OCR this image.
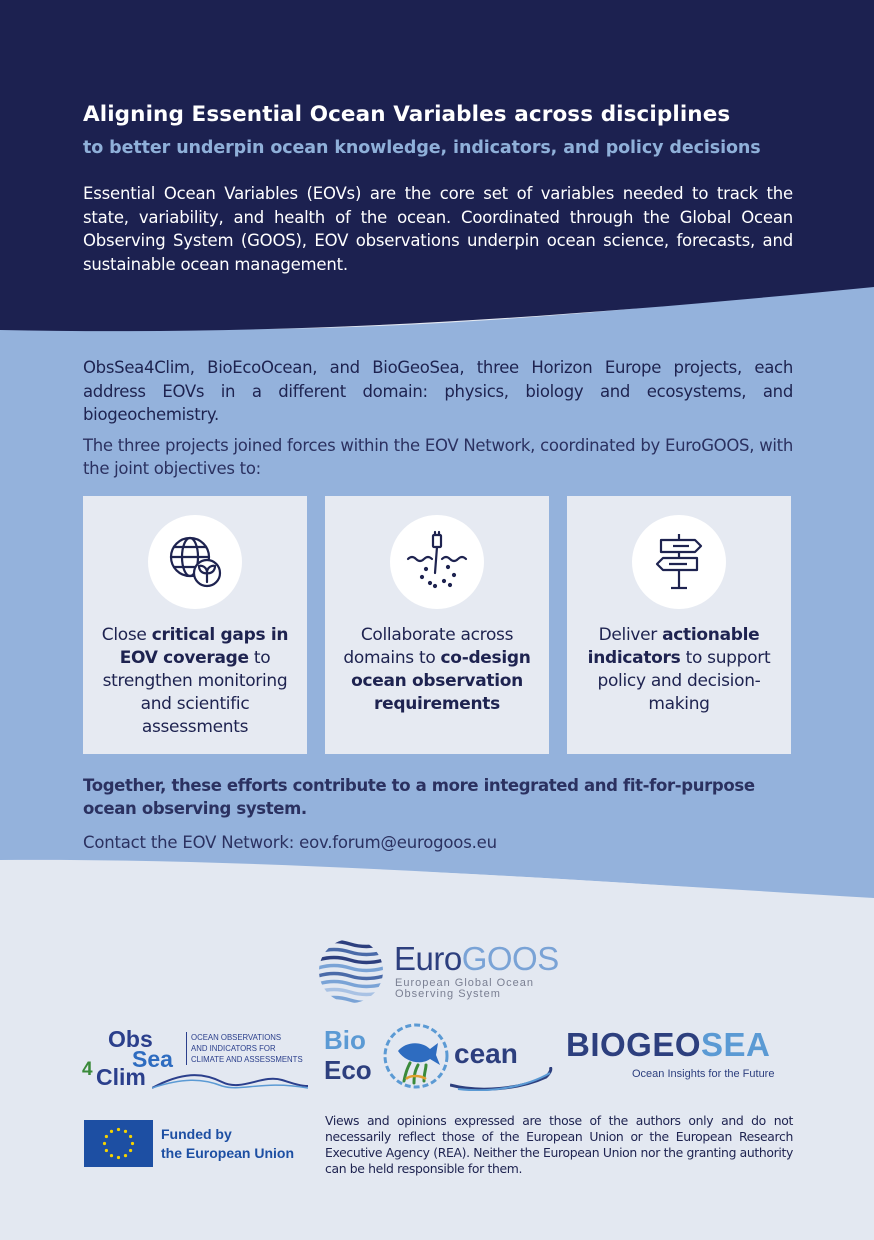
Aligning Essential Ocean Variables across disciplines
to better underpin ocean knowledge, indicators, and policy decisions

Essential Ocean Variables (EOVs) are the core set of variables needed to track the state, variability, and health of the ocean. Coordinated through the Global Ocean Observing System (GOOS), EOV observations underpin ocean science, forecasts, and sustainable ocean management.

ObsSea4Clim, BioEcoOcean, and BioGeoSea, three Horizon Europe projects, each address EOVs in a different domain: physics, biology and ecosystems, and biogeochemistry.

The three projects joined forces within the EOV Network, coordinated by EuroGOOS, with the joint objectives to:

Close critical gaps in EOV coverage to strengthen monitoring and scientific assessments
Collaborate across domains to co-design ocean observation requirements
Deliver actionable indicators to support policy and decision-making

Together, these efforts contribute to a more integrated and fit-for-purpose ocean observing system.

Contact the EOV Network: eov.forum@eurogoos.eu

EuroGOOS
European Global Ocean
Observing System
Obs
Sea
4 Clim
OCEAN OBSERVATIONS
AND INDICATORS FOR
CLIMATE AND ASSESSMENTS
Bio
Eco
cean BIOGEOSEA
Ocean Insights for the Future
Funded by
the European Union

Views and opinions expressed are those of the authors only and do not necessarily reflect those of the European Union or the European Research Executive Agency (REA). Neither the European Union nor the granting authority can be held responsible for them.
